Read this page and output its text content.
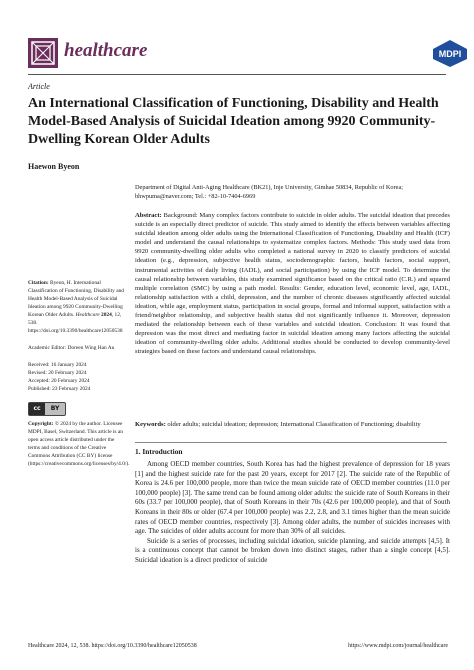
healthcare	MDPI
Article
An International Classification of Functioning, Disability and Health Model-Based Analysis of Suicidal Ideation among 9920 Community-Dwelling Korean Older Adults
Haewon Byeon
Department of Digital Anti-Aging Healthcare (BK21), Inje University, Gimhae 50834, Republic of Korea; bhwpuma@naver.com; Tel.: +82-10-7404-6969
Abstract: Background: Many complex factors contribute to suicide in older adults. The suicidal ideation that precedes suicide is an especially direct predictor of suicide. This study aimed to identify the effects between variables affecting suicidal ideation among older adults using the International Classification of Functioning, Disability and Health (ICF) model and understand the causal relationships to systematize complex factors. Methods: This study used data from 9920 community-dwelling older adults who completed a national survey in 2020 to classify predictors of suicidal ideation (e.g., depression, subjective health status, sociodemographic factors, health factors, social support, instrumental activities of daily living (IADL), and social participation) by using the ICF model. To determine the causal relationship between variables, this study examined significance based on the critical ratio (C.R.) and squared multiple correlation (SMC) by using a path model. Results: Gender, education level, economic level, age, IADL, relationship satisfaction with a child, depression, and the number of chronic diseases significantly affected suicidal ideation, while age, employment status, participation in social groups, formal and informal support, satisfaction with a friend/neighbor relationship, and subjective health status did not significantly influence it. Moreover, depression mediated the relationship between each of these variables and suicidal ideation. Conclusion: It was found that depression was the most direct and mediating factor in suicidal ideation among many factors affecting the suicidal ideation of community-dwelling older adults. Additional studies should be conducted to develop community-level strategies based on these factors and understand causal relationships.
Keywords: older adults; suicidal ideation; depression; International Classification of Functioning; disability
Citation: Byeon, H. International Classification of Functioning, Disability and Health Model-Based Analysis of Suicidal Ideation among 9920 Community-Dwelling Korean Older Adults. Healthcare 2024, 12, 538. https://doi.org/10.3390/healthcare12050538
Academic Editor: Doreen Wing Han Au
Received: 16 January 2024
Revised: 20 February 2024
Accepted: 20 February 2024
Published: 23 February 2024
cc	BY
Copyright: © 2024 by the author. Licensee MDPI, Basel, Switzerland. This article is an open access article distributed under the terms and conditions of the Creative Commons Attribution (CC BY) license (https://creativecommons.org/licenses/by/4.0/).
1. Introduction

Among OECD member countries, South Korea has had the highest prevalence of depression for 18 years [1] and the highest suicide rate for the past 20 years, except for 2017 [2]. The suicide rate of the Republic of Korea is 24.6 per 100,000 people, more than twice the mean suicide rate of OECD member countries (11.0 per 100,000 people) [3]. The same trend can be found among older adults: the suicide rate of South Koreans in their 60s (33.7 per 100,000 people), that of South Koreans in their 70s (42.6 per 100,000 people), and that of South Koreans in their 80s or older (67.4 per 100,000 people) was 2.2, 2.8, and 3.1 times higher than the mean suicide rates of OECD member countries, respectively [3]. Among older adults, the number of suicides increases with age. The suicides of older adults account for more than 30% of all suicides.

Suicide is a series of processes, including suicidal ideation, suicide planning, and suicide attempts [4,5]. It is a continuous concept that cannot be broken down into distinct stages, rather than a single concept [4,5]. Suicidal ideation is a direct predictor of suicide

Healthcare 2024, 12, 538. https://doi.org/10.3390/healthcare12050538	https://www.mdpi.com/journal/healthcare
